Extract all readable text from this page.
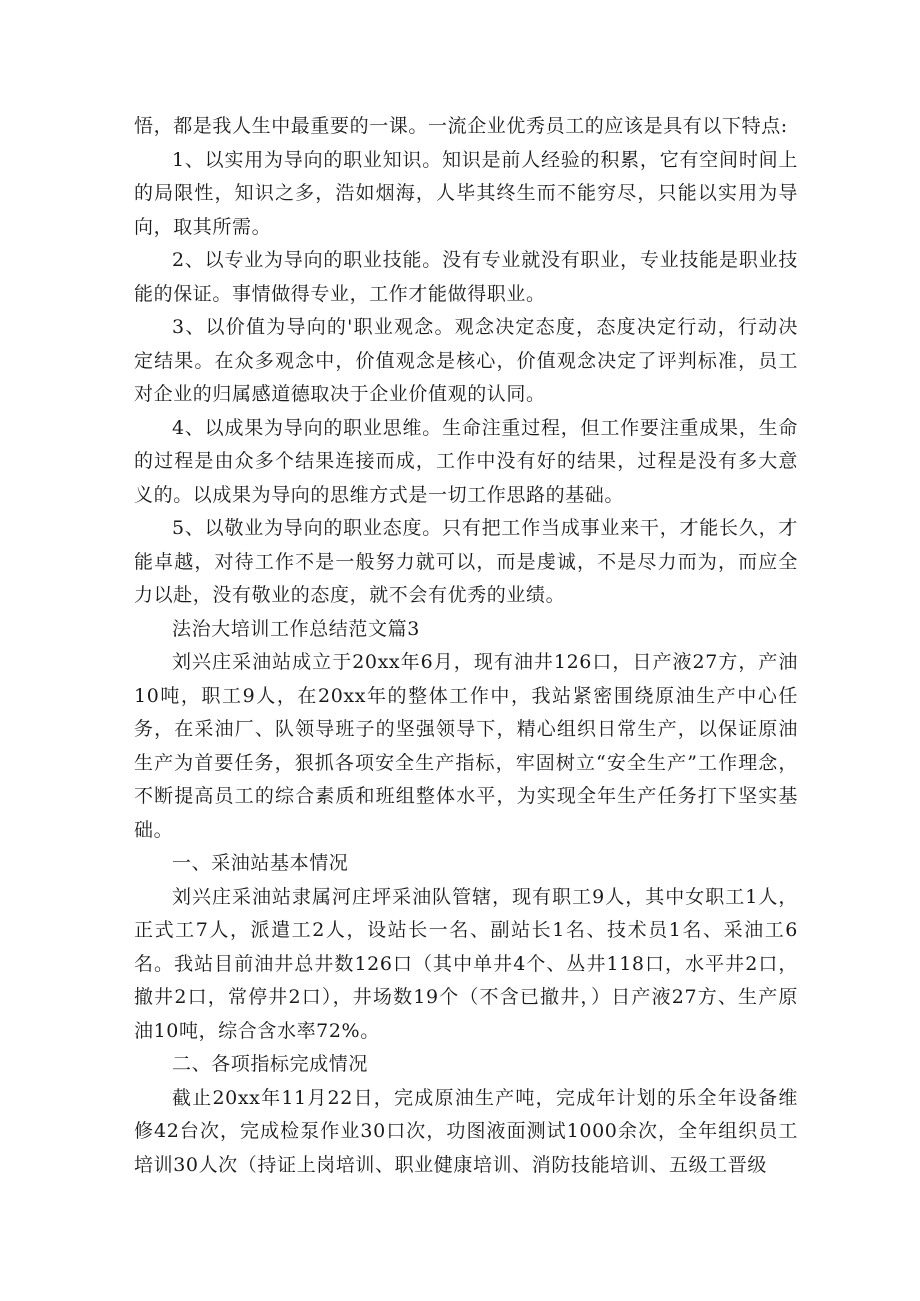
悟，都是我人生中最重要的一课。一流企业优秀员工的应该是具有以下特点:

1、以实用为导向的职业知识。知识是前人经验的积累，它有空间时间上的局限性，知识之多，浩如烟海，人毕其终生而不能穷尽，只能以实用为导向，取其所需。

2、以专业为导向的职业技能。没有专业就没有职业，专业技能是职业技能的保证。事情做得专业，工作才能做得职业。

3、以价值为导向的'职业观念。观念决定态度，态度决定行动，行动决定结果。在众多观念中，价值观念是核心，价值观念决定了评判标准，员工对企业的归属感道德取决于企业价值观的认同。

4、以成果为导向的职业思维。生命注重过程，但工作要注重成果，生命的过程是由众多个结果连接而成，工作中没有好的结果，过程是没有多大意义的。以成果为导向的思维方式是一切工作思路的基础。

5、以敬业为导向的职业态度。只有把工作当成事业来干，才能长久，才能卓越，对待工作不是一般努力就可以，而是虔诚，不是尽力而为，而应全力以赴，没有敬业的态度，就不会有优秀的业绩。

法治大培训工作总结范文篇3

刘兴庄采油站成立于20xx年6月，现有油井126口，日产液27方，产油10吨，职工9人，在20xx年的整体工作中，我站紧密围绕原油生产中心任务，在采油厂、队领导班子的坚强领导下，精心组织日常生产，以保证原油生产为首要任务，狠抓各项安全生产指标，牢固树立“安全生产”工作理念，不断提高员工的综合素质和班组整体水平，为实现全年生产任务打下坚实基础。

一、采油站基本情况

刘兴庄采油站隶属河庄坪采油队管辖，现有职工9人，其中女职工1人，正式工7人，派遣工2人，设站长一名、副站长1名、技术员1名、采油工6名。我站目前油井总井数126口（其中单井4个、丛井118口，水平井2口，撤井2口，常停井2口），井场数19个（不含已撤井，）日产液27方、生产原油10吨，综合含水率72%。

二、各项指标完成情况

截止20xx年11月22日，完成原油生产吨，完成年计划的乐全年设备维修42台次，完成检泵作业30口次，功图液面测试1000余次，全年组织员工培训30人次（持证上岗培训、职业健康培训、消防技能培训、五级工晋级
